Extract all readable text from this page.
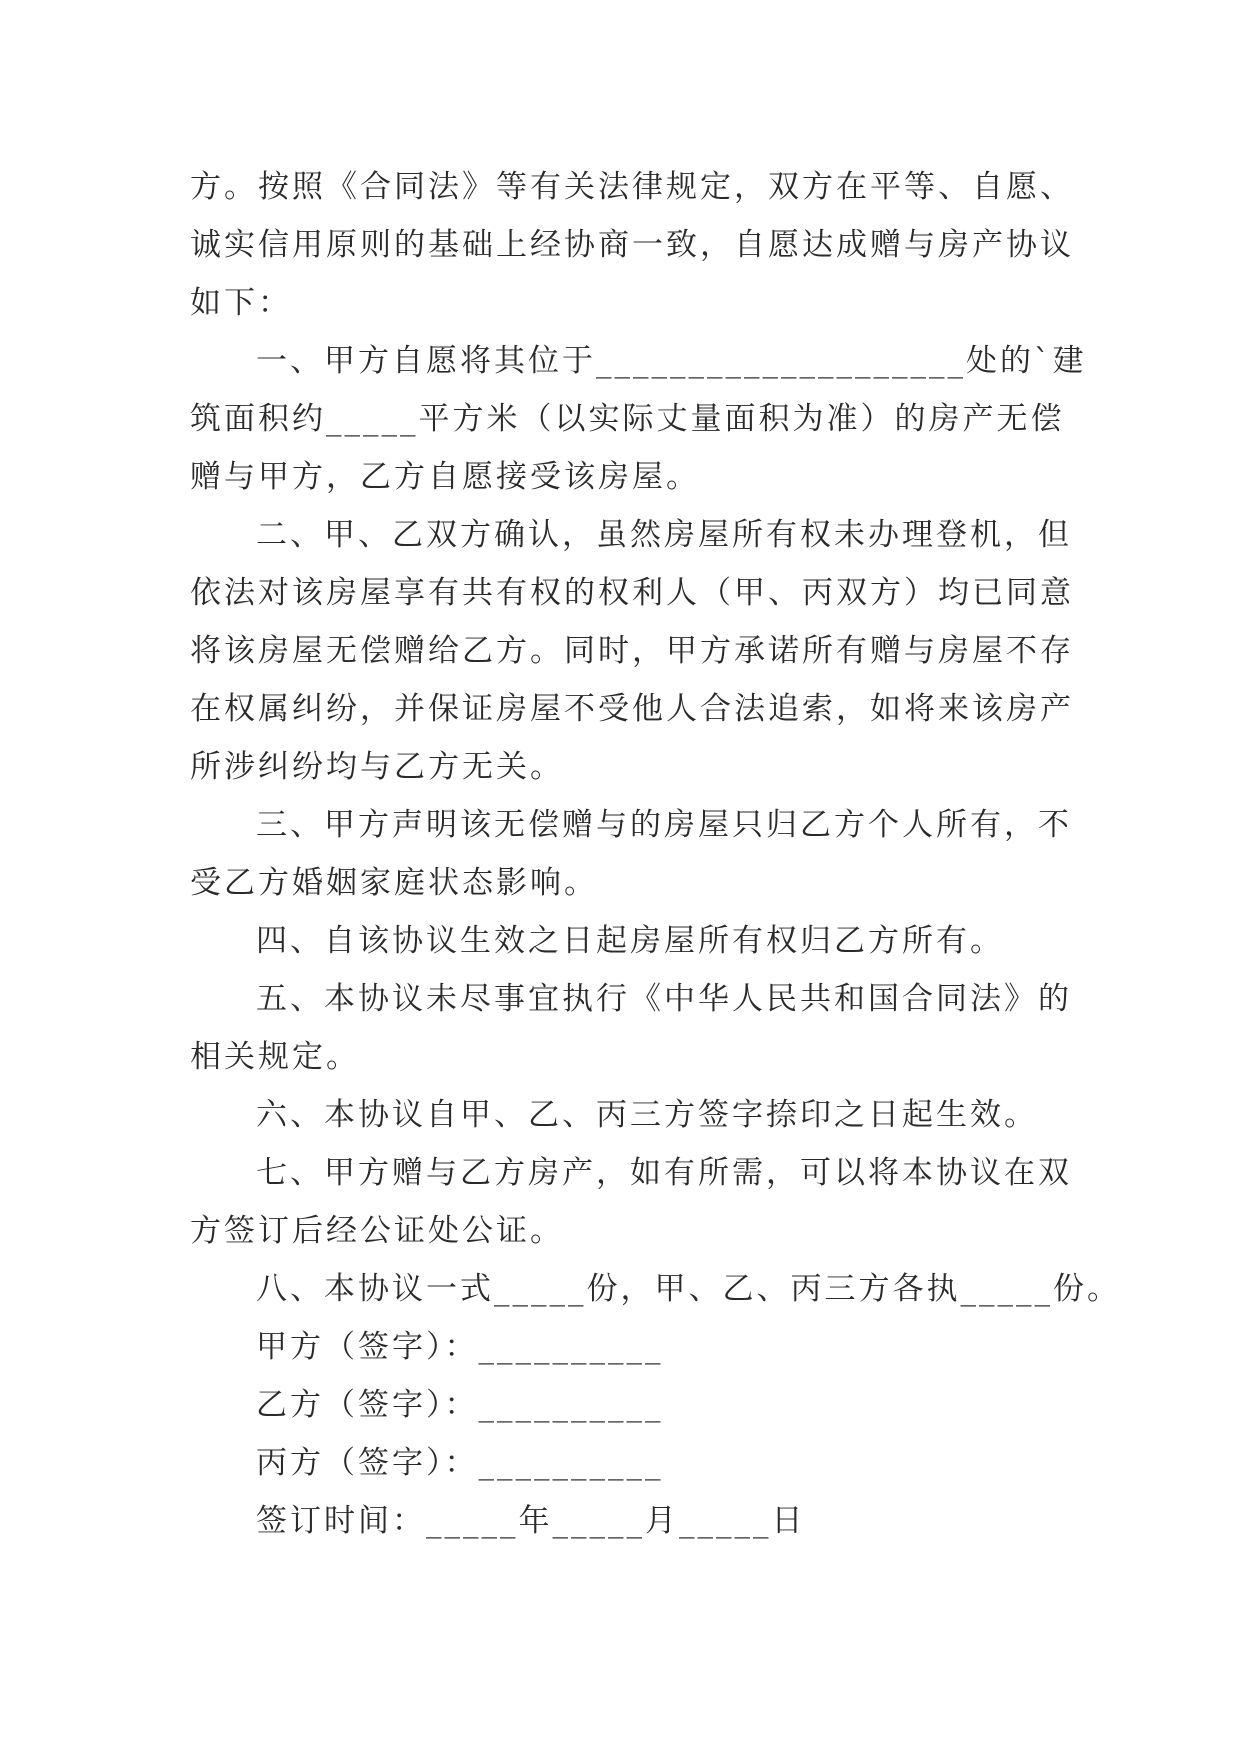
方。按照《合同法》等有关法律规定，双方在平等、自愿、
诚实信用原则的基础上经协商一致，自愿达成赠与房产协议
如下：
一、甲方自愿将其位于____________________处的`建
筑面积约_____平方米（以实际丈量面积为准）的房产无偿
赠与甲方，乙方自愿接受该房屋。
二、甲、乙双方确认，虽然房屋所有权未办理登机，但
依法对该房屋享有共有权的权利人（甲、丙双方）均已同意
将该房屋无偿赠给乙方。同时，甲方承诺所有赠与房屋不存
在权属纠纷，并保证房屋不受他人合法追索，如将来该房产
所涉纠纷均与乙方无关。
三、甲方声明该无偿赠与的房屋只归乙方个人所有，不
受乙方婚姻家庭状态影响。
四、自该协议生效之日起房屋所有权归乙方所有。
五、本协议未尽事宜执行《中华人民共和国合同法》的
相关规定。
六、本协议自甲、乙、丙三方签字捺印之日起生效。
七、甲方赠与乙方房产，如有所需，可以将本协议在双
方签订后经公证处公证。
八、本协议一式_____份，甲、乙、丙三方各执_____份。
甲方（签字）：__________
乙方（签字）：__________
丙方（签字）：__________
签订时间：_____年_____月_____日
